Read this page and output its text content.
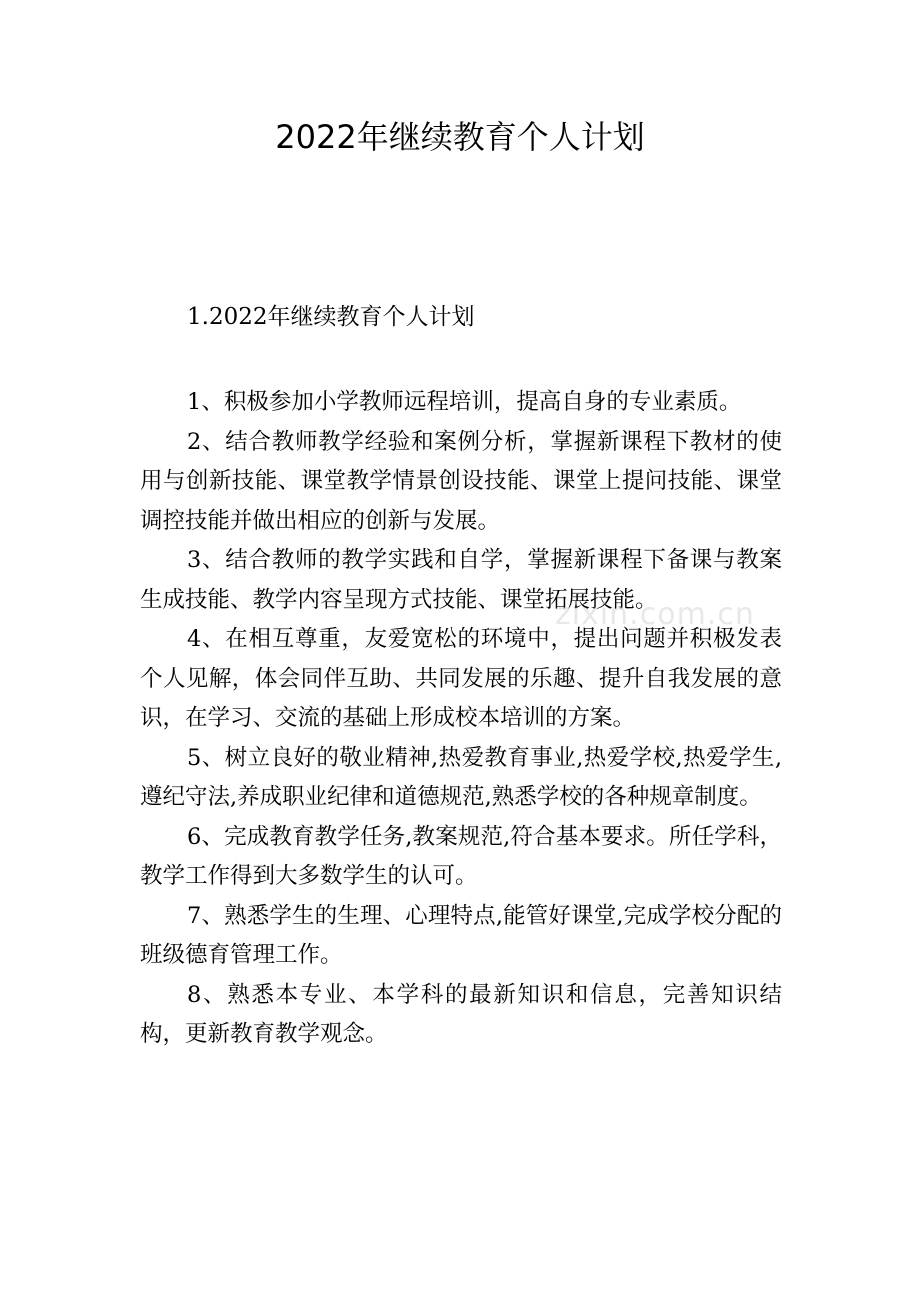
2022年继续教育个人计划

1.2022年继续教育个人计划

1、积极参加小学教师远程培训，提高自身的专业素质。

2、结合教师教学经验和案例分析，掌握新课程下教材的使用与创新技能、课堂教学情景创设技能、课堂上提问技能、课堂调控技能并做出相应的创新与发展。

3、结合教师的教学实践和自学，掌握新课程下备课与教案生成技能、教学内容呈现方式技能、课堂拓展技能。

4、在相互尊重，友爱宽松的环境中，提出问题并积极发表个人见解，体会同伴互助、共同发展的乐趣、提升自我发展的意识，在学习、交流的基础上形成校本培训的方案。

5、树立良好的敬业精神,热爱教育事业,热爱学校,热爱学生,遵纪守法,养成职业纪律和道德规范,熟悉学校的各种规章制度。

6、完成教育教学任务,教案规范,符合基本要求。所任学科，教学工作得到大多数学生的认可。

7、熟悉学生的生理、心理特点,能管好课堂,完成学校分配的班级德育管理工作。

8、熟悉本专业、本学科的最新知识和信息，完善知识结构，更新教育教学观念。

zixin.com.cn
